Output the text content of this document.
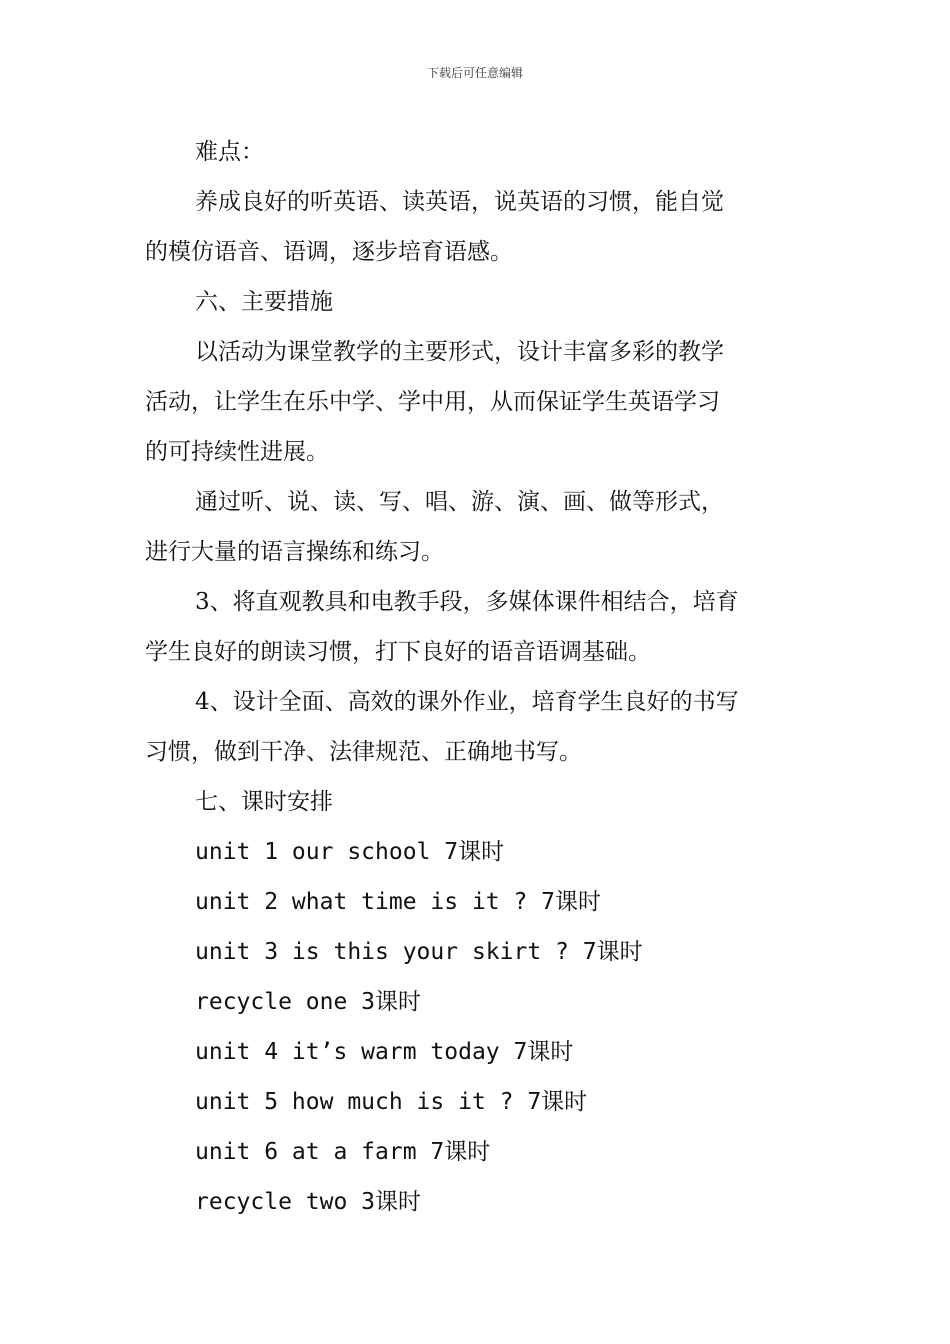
下载后可任意编辑
难点：
养成良好的听英语、读英语，说英语的习惯，能自觉
的模仿语音、语调，逐步培育语感。
六、主要措施
以活动为课堂教学的主要形式，设计丰富多彩的教学
活动，让学生在乐中学、学中用，从而保证学生英语学习
的可持续性进展。
通过听、说、读、写、唱、游、演、画、做等形式，
进行大量的语言操练和练习。
3、将直观教具和电教手段，多媒体课件相结合，培育
学生良好的朗读习惯，打下良好的语音语调基础。
4、设计全面、高效的课外作业，培育学生良好的书写
习惯，做到干净、法律规范、正确地书写。
七、课时安排
unit 1 our school 7课时
unit 2 what time is it ? 7课时
unit 3 is this your skirt ? 7课时
recycle one 3课时
unit 4 it’s warm today 7课时
unit 5 how much is it ? 7课时
unit 6 at a farm 7课时
recycle two 3课时
